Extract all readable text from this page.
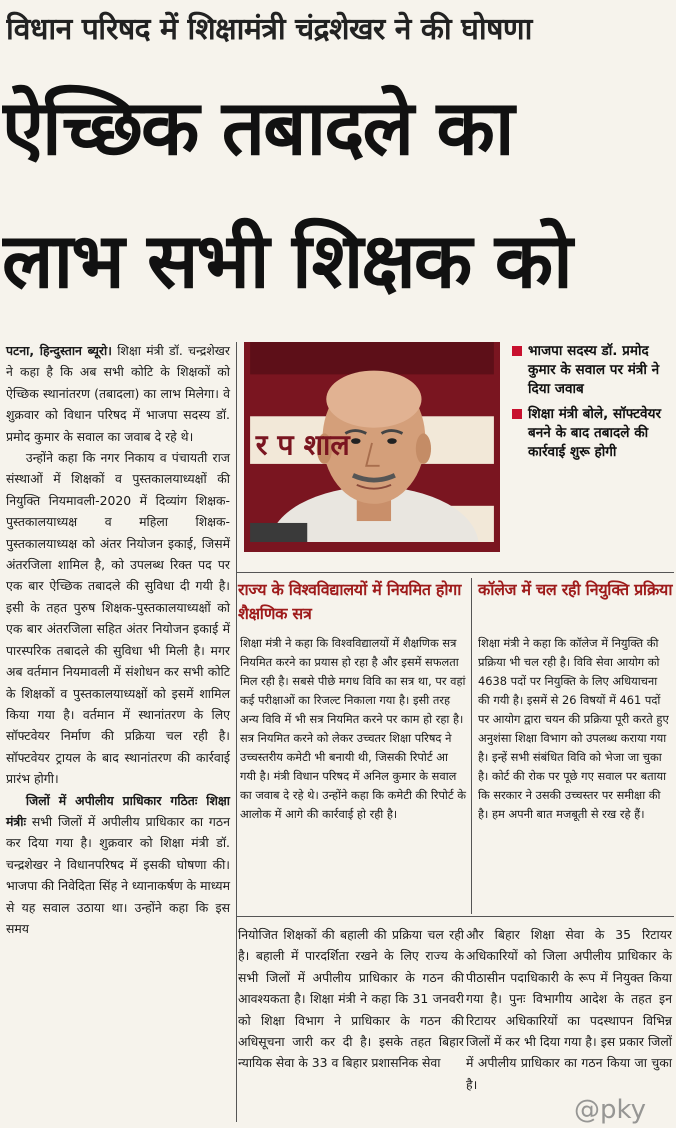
विधान परिषद में शिक्षामंत्री चंद्रशेखर ने की घोषणा
ऐच्छिक तबादले का
लाभ सभी शिक्षक को

पटना, हिन्दुस्तान ब्यूरो। शिक्षा मंत्री डॉ. चन्द्रशेखर ने कहा है कि अब सभी कोटि के शिक्षकों को ऐच्छिक स्थानांतरण (तबादला) का लाभ मिलेगा। वे शुक्रवार को विधान परिषद में भाजपा सदस्य डॉ. प्रमोद कुमार के सवाल का जवाब दे रहे थे।

उन्होंने कहा कि नगर निकाय व पंचायती राज संस्थाओं में शिक्षकों व पुस्तकालयाध्यक्षों की नियुक्ति नियमावली-2020 में दिव्यांग शिक्षक-पुस्तकालयाध्यक्ष व महिला शिक्षक-पुस्तकालयाध्यक्ष को अंतर नियोजन इकाई, जिसमें अंतरजिला शामिल है, को उपलब्ध रिक्त पद पर एक बार ऐच्छिक तबादले की सुविधा दी गयी है। इसी के तहत पुरुष शिक्षक-पुस्तकालयाध्यक्षों को एक बार अंतरजिला सहित अंतर नियोजन इकाई में पारस्परिक तबादले की सुविधा भी मिली है। मगर अब वर्तमान नियमावली में संशोधन कर सभी कोटि के शिक्षकों व पुस्तकालयाध्यक्षों को इसमें शामिल किया गया है। वर्तमान में स्थानांतरण के लिए सॉफ्टवेयर निर्माण की प्रक्रिया चल रही है। सॉफ्टवेयर ट्रायल के बाद स्थानांतरण की कार्रवाई प्रारंभ होगी।

जिलों में अपीलीय प्राधिकार गठितः शिक्षा मंत्रीः सभी जिलों में अपीलीय प्राधिकार का गठन कर दिया गया है। शुक्रवार को शिक्षा मंत्री डॉ. चन्द्रशेखर ने विधानपरिषद में इसकी घोषणा की। भाजपा की निवेदिता सिंह ने ध्यानाकर्षण के माध्यम से यह सवाल उठाया था। उन्होंने कहा कि इस समय

र प शाल
भाजपा सदस्य डॉ. प्रमोद कुमार के सवाल पर मंत्री ने दिया जवाब
शिक्षा मंत्री बोले, सॉफ्टवेयर बनने के बाद तबादले की कार्रवाई शुरू होगी
राज्य के विश्वविद्यालयों में नियमित होगा शैक्षणिक सत्र
कॉलेज में चल रही नियुक्ति प्रक्रिया
शिक्षा मंत्री ने कहा कि विश्वविद्यालयों में शैक्षणिक सत्र नियमित करने का प्रयास हो रहा है और इसमें सफलता मिल रही है। सबसे पीछे मगध विवि का सत्र था, पर वहां कई परीक्षाओं का रिजल्ट निकाला गया है। इसी तरह अन्य विवि में भी सत्र नियमित करने पर काम हो रहा है। सत्र नियमित करने को लेकर उच्चतर शिक्षा परिषद ने उच्चस्तरीय कमेटी भी बनायी थी, जिसकी रिपोर्ट आ गयी है। मंत्री विधान परिषद में अनिल कुमार के सवाल का जवाब दे रहे थे। उन्होंने कहा कि कमेटी की रिपोर्ट के आलोक में आगे की कार्रवाई हो रही है।
शिक्षा मंत्री ने कहा कि कॉलेज में नियुक्ति की प्रक्रिया भी चल रही है। विवि सेवा आयोग को 4638 पदों पर नियुक्ति के लिए अधियाचना की गयी है। इसमें से 26 विषयों में 461 पदों पर आयोग द्वारा चयन की प्रक्रिया पूरी करते हुए अनुशंसा शिक्षा विभाग को उपलब्ध कराया गया है। इन्हें सभी संबंधित विवि को भेजा जा चुका है। कोर्ट की रोक पर पूछे गए सवाल पर बताया कि सरकार ने उसकी उच्चस्तर पर समीक्षा की है। हम अपनी बात मजबूती से रख रहे हैं।
नियोजित शिक्षकों की बहाली की प्रक्रिया चल रही है। बहाली में पारदर्शिता रखने के लिए राज्य के सभी जिलों में अपीलीय प्राधिकार के गठन की आवश्यकता है। शिक्षा मंत्री ने कहा कि 31 जनवरी को शिक्षा विभाग ने प्राधिकार के गठन की अधिसूचना जारी कर दी है। इसके तहत बिहार न्यायिक सेवा के 33 व बिहार प्रशासनिक सेवा
और बिहार शिक्षा सेवा के 35 रिटायर अधिकारियों को जिला अपीलीय प्राधिकार के पीठासीन पदाधिकारी के रूप में नियुक्त किया गया है। पुनः विभागीय आदेश के तहत इन रिटायर अधिकारियों का पदस्थापन विभिन्न जिलों में कर भी दिया गया है। इस प्रकार जिलों में अपीलीय प्राधिकार का गठन किया जा चुका है।
@pky
